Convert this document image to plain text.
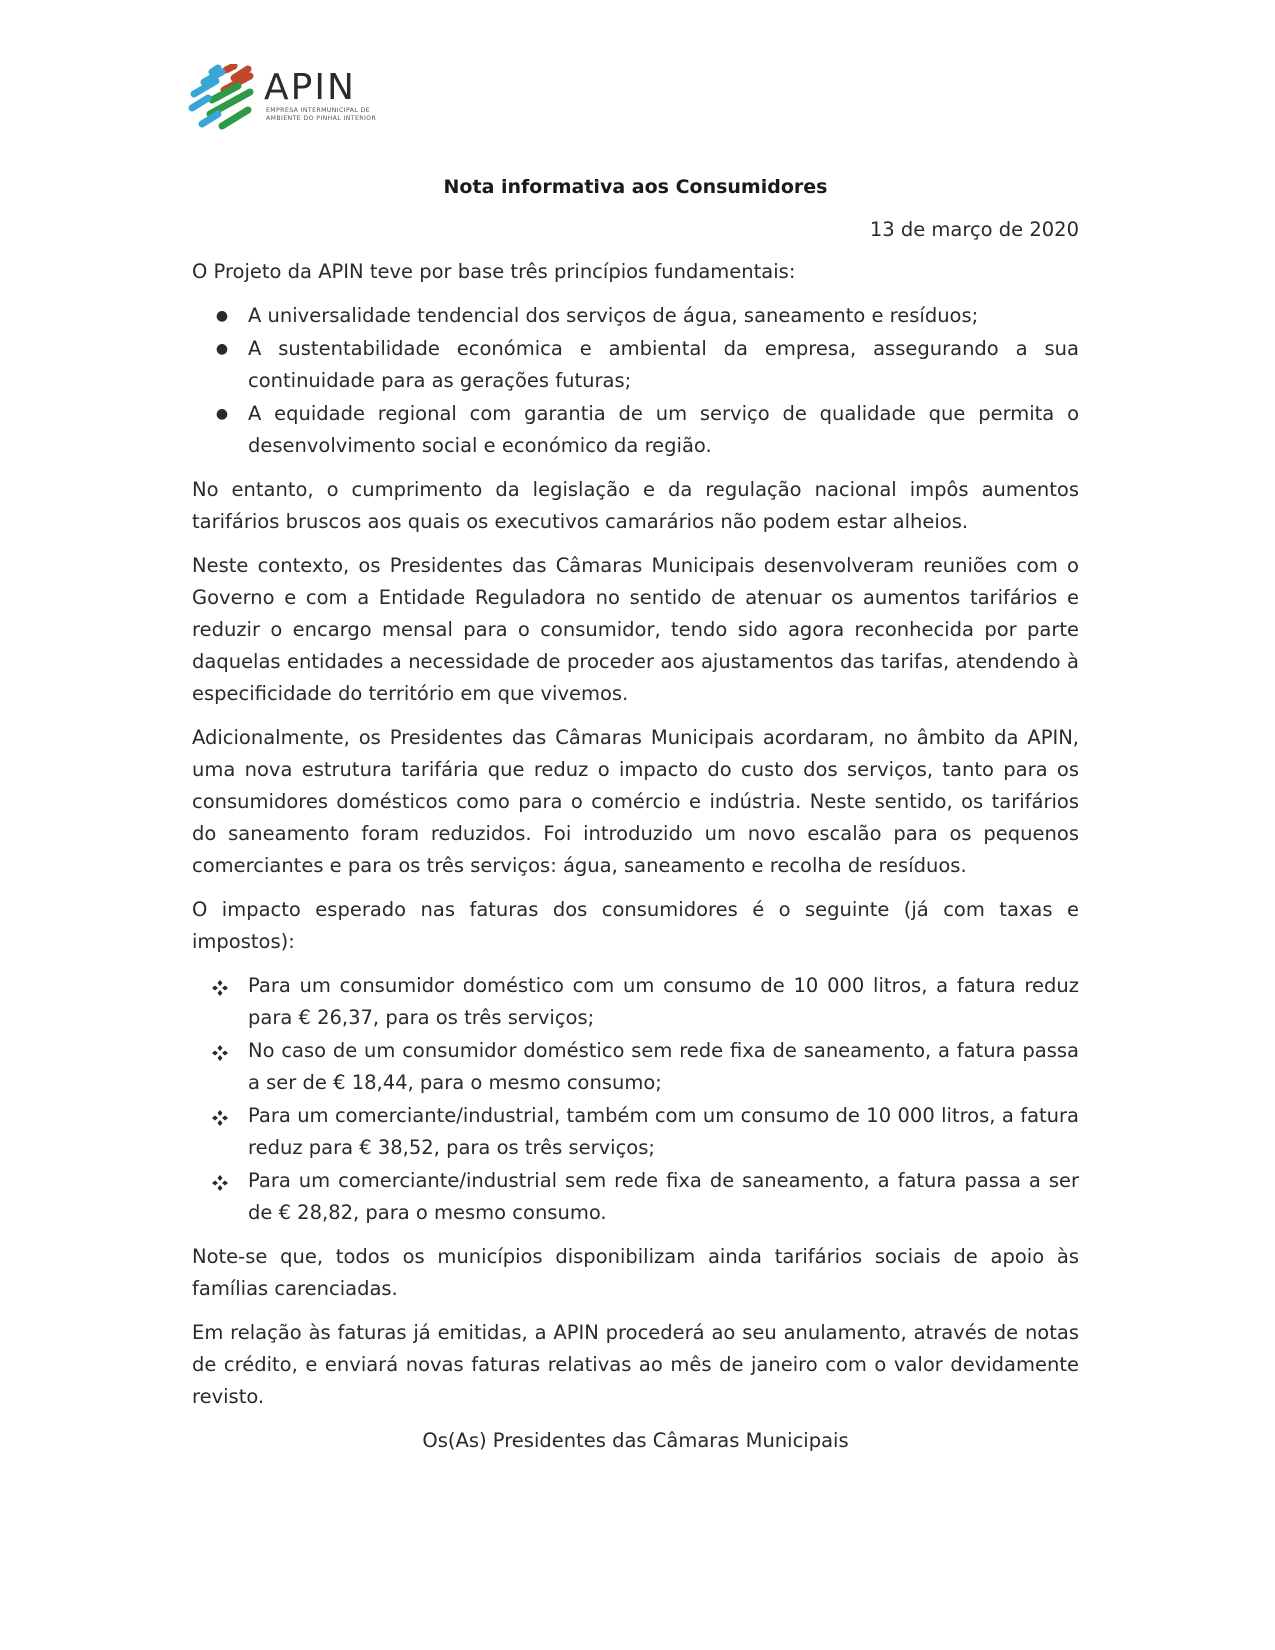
APIN
EMPRESA INTERMUNICIPAL DE
AMBIENTE DO PINHAL INTERIOR
Nota informativa aos Consumidores
13 de março de 2020

O Projeto da APIN teve por base três princípios fundamentais:

● A universalidade tendencial dos serviços de água, saneamento e resíduos;
● A sustentabilidade económica e ambiental da empresa, assegurando a sua continuidade para as gerações futuras;
● A equidade regional com garantia de um serviço de qualidade que permita o desenvolvimento social e económico da região.

No entanto, o cumprimento da legislação e da regulação nacional impôs aumentos tarifários bruscos aos quais os executivos camarários não podem estar alheios.

Neste contexto, os Presidentes das Câmaras Municipais desenvolveram reuniões com o Governo e com a Entidade Reguladora no sentido de atenuar os aumentos tarifários e reduzir o encargo mensal para o consumidor, tendo sido agora reconhecida por parte daquelas entidades a necessidade de proceder aos ajustamentos das tarifas, atendendo à especificidade do território em que vivemos.

Adicionalmente, os Presidentes das Câmaras Municipais acordaram, no âmbito da APIN, uma nova estrutura tarifária que reduz o impacto do custo dos serviços, tanto para os consumidores domésticos como para o comércio e indústria. Neste sentido, os tarifários do saneamento foram reduzidos. Foi introduzido um novo escalão para os pequenos comerciantes e para os três serviços: água, saneamento e recolha de resíduos.

O impacto esperado nas faturas dos consumidores é o seguinte (já com taxas e impostos):

Para um consumidor doméstico com um consumo de 10 000 litros, a fatura reduz para € 26,37, para os três serviços;
No caso de um consumidor doméstico sem rede fixa de saneamento, a fatura passa a ser de € 18,44, para o mesmo consumo;
Para um comerciante/industrial, também com um consumo de 10 000 litros, a fatura reduz para € 38,52, para os três serviços;
Para um comerciante/industrial sem rede fixa de saneamento, a fatura passa a ser de € 28,82, para o mesmo consumo.

Note-se que, todos os municípios disponibilizam ainda tarifários sociais de apoio às famílias carenciadas.

Em relação às faturas já emitidas, a APIN procederá ao seu anulamento, através de notas de crédito, e enviará novas faturas relativas ao mês de janeiro com o valor devidamente revisto.

Os(As) Presidentes das Câmaras Municipais
